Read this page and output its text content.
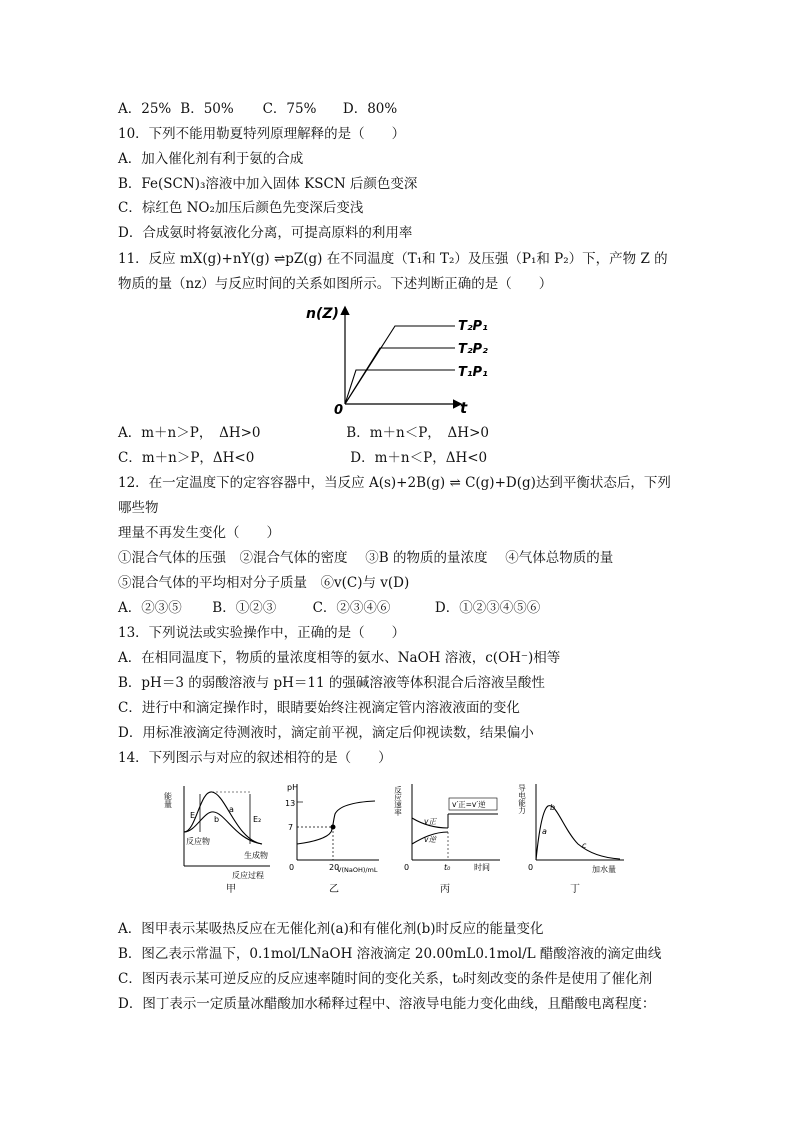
A．25% B．50% C．75% D．80%
10．下列不能用勒夏特列原理解释的是（　　）
A．加入催化剂有利于氨的合成
B．Fe(SCN)₃溶液中加入固体 KSCN 后颜色变深
C．棕红色 NO₂加压后颜色先变深后变浅
D．合成氨时将氨液化分离，可提高原料的利用率
11．反应 mX(g)+nY(g) ⇌pZ(g) 在不同温度（T₁和 T₂）及压强（P₁和 P₂）下，产物 Z 的
物质的量（nz）与反应时间的关系如图所示。下述判断正确的是（　　）
n(Z)
t
0
T₂P₁
T₂P₂
T₁P₁
A．m＋n＞P，　ΔH>0	B．m＋n＜P，　ΔH>0
C．m＋n＞P，ΔH<0	D．m＋n＜P，ΔH<0
12．在一定温度下的定容容器中，当反应 A(s)+2B(g) ⇌ C(g)+D(g)达到平衡状态后，下列
哪些物
理量不再发生变化（　　）
①混合气体的压强　②混合气体的密度　 ③B 的物质的量浓度　 ④气体总物质的量
⑤混合气体的平均相对分子质量　⑥v(C)与 v(D)
A．②③⑤ B．①②③	C．②③④⑥	D．①②③④⑤⑥
13．下列说法或实验操作中，正确的是（　　）
A．在相同温度下，物质的量浓度相等的氨水、NaOH 溶液，c(OH⁻)相等
B．pH＝3 的弱酸溶液与 pH＝11 的强碱溶液等体积混合后溶液呈酸性
C．进行中和滴定操作时，眼睛要始终注视滴定管内溶液液面的变化
D．用标准液滴定待测液时，滴定前平视，滴定后仰视读数，结果偏小
14．下列图示与对应的叙述相符的是（　　）
能量
E	E₂
a
b
反应物
生成物
反应过程
甲
pH
13
7
0	20
V(NaOH)/mL
乙
反应速率	v′正=v′逆
v正
v逆
0	t₀	时间
丙
导电能力
a
b
c
0	加水量
丁
A．图甲表示某吸热反应在无催化剂(a)和有催化剂(b)时反应的能量变化
B．图乙表示常温下，0.1mol/LNaOH 溶液滴定 20.00mL0.1mol/L 醋酸溶液的滴定曲线
C．图丙表示某可逆反应的反应速率随时间的变化关系，t₀时刻改变的条件是使用了催化剂
D．图丁表示一定质量冰醋酸加水稀释过程中、溶液导电能力变化曲线，且醋酸电离程度：
